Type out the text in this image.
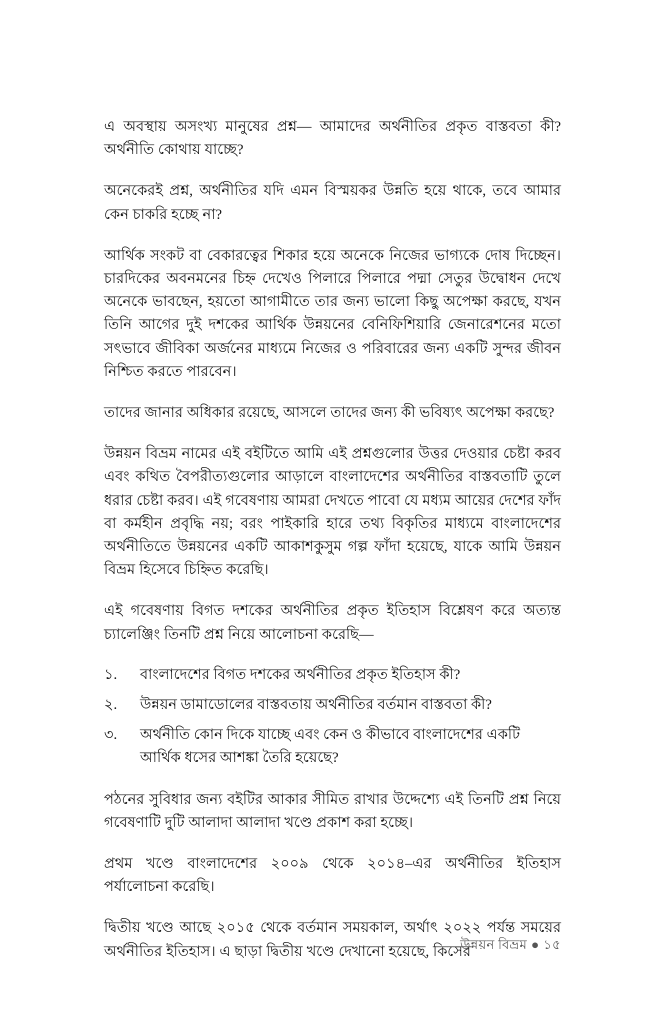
এ অবস্থায় অসংখ্য মানুষের প্রশ্ন— আমাদের অর্থনীতির প্রকৃত বাস্তবতা কী? অর্থনীতি কোথায় যাচ্ছে?

অনেকেরই প্রশ্ন, অর্থনীতির যদি এমন বিস্ময়কর উন্নতি হয়ে থাকে, তবে আমার কেন চাকরি হচ্ছে না?

আর্থিক সংকট বা বেকারত্বের শিকার হয়ে অনেকে নিজের ভাগ্যকে দোষ দিচ্ছেন। চারদিকের অবনমনের চিহ্ন দেখেও পিলারে পিলারে পদ্মা সেতুর উদ্বোধন দেখে অনেকে ভাবছেন, হয়তো আগামীতে তার জন্য ভালো কিছু অপেক্ষা করছে, যখন তিনি আগের দুই দশকের আর্থিক উন্নয়নের বেনিফিশিয়ারি জেনারেশনের মতো সৎভাবে জীবিকা অর্জনের মাধ্যমে নিজের ও পরিবারের জন্য একটি সুন্দর জীবন নিশ্চিত করতে পারবেন।

তাদের জানার অধিকার রয়েছে, আসলে তাদের জন্য কী ভবিষ্যৎ অপেক্ষা করছে?

উন্নয়ন বিভ্রম নামের এই বইটিতে আমি এই প্রশ্নগুলোর উত্তর দেওয়ার চেষ্টা করব এবং কথিত বৈপরীত্যগুলোর আড়ালে বাংলাদেশের অর্থনীতির বাস্তবতাটি তুলে ধরার চেষ্টা করব। এই গবেষণায় আমরা দেখতে পাবো যে মধ্যম আয়ের দেশের ফাঁদ বা কর্মহীন প্রবৃদ্ধি নয়; বরং পাইকারি হারে তথ্য বিকৃতির মাধ্যমে বাংলাদেশের অর্থনীতিতে উন্নয়নের একটি আকাশকুসুম গল্প ফাঁদা হয়েছে, যাকে আমি উন্নয়ন বিভ্রম হিসেবে চিহ্নিত করেছি।

এই গবেষণায় বিগত দশকের অর্থনীতির প্রকৃত ইতিহাস বিশ্লেষণ করে অত্যন্ত চ্যালেঞ্জিং তিনটি প্রশ্ন নিয়ে আলোচনা করেছি—

১.	বাংলাদেশের বিগত দশকের অর্থনীতির প্রকৃত ইতিহাস কী?
২.	উন্নয়ন ডামাডোলের বাস্তবতায় অর্থনীতির বর্তমান বাস্তবতা কী?
৩.	অর্থনীতি কোন দিকে যাচ্ছে এবং কেন ও কীভাবে বাংলাদেশের একটি আর্থিক ধসের আশঙ্কা তৈরি হয়েছে?

পঠনের সুবিধার জন্য বইটির আকার সীমিত রাখার উদ্দেশ্যে এই তিনটি প্রশ্ন নিয়ে গবেষণাটি দুটি আলাদা আলাদা খণ্ডে প্রকাশ করা হচ্ছে।

প্রথম খণ্ডে বাংলাদেশের ২০০৯ থেকে ২০১৪–এর অর্থনীতির ইতিহাস পর্যালোচনা করেছি।

দ্বিতীয় খণ্ডে আছে ২০১৫ থেকে বর্তমান সময়কাল, অর্থাৎ ২০২২ পর্যন্ত সময়ের অর্থনীতির ইতিহাস। এ ছাড়া দ্বিতীয় খণ্ডে দেখানো হয়েছে, কিসের

উন্নয়ন বিভ্রম ● ১৫
